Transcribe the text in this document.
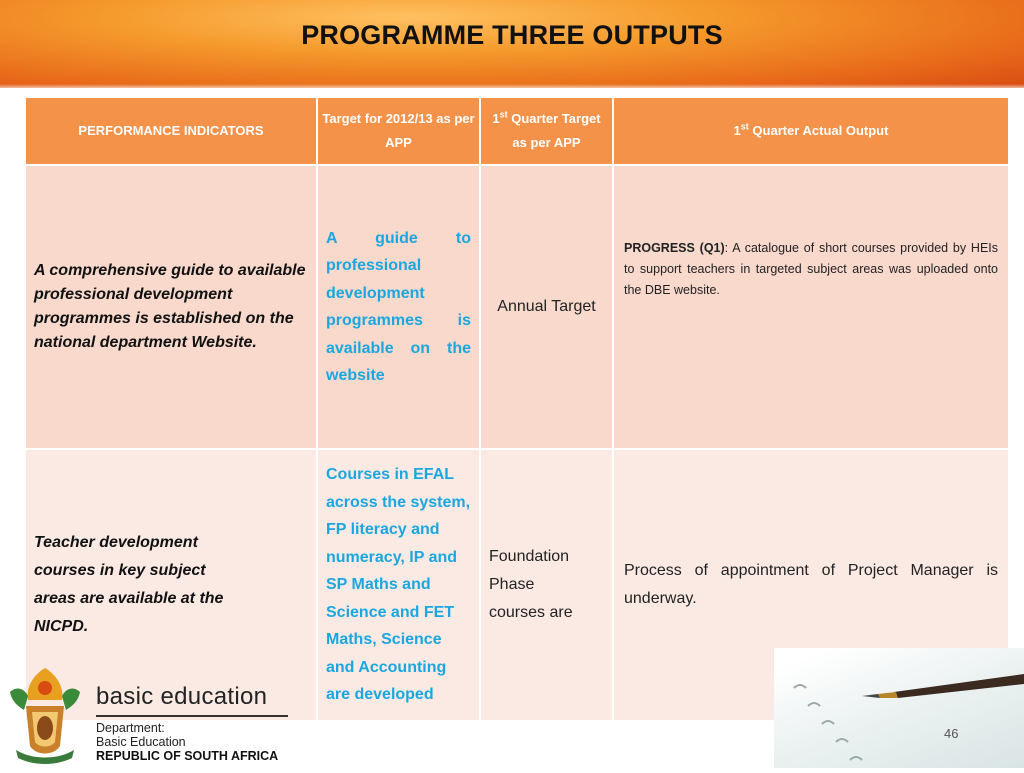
PROGRAMME THREE OUTPUTS
PERFORMANCE INDICATORS	Target for 2012/13 as per APP	1st Quarter Target as per APP	1st Quarter Actual Output
A comprehensive guide to available professional development programmes is established on the national department Website.	A guide to professional development programmes is available on the website	Annual Target	PROGRESS (Q1): A catalogue of short courses provided by HEIs to support teachers in targeted subject areas was uploaded onto the DBE website.
Teacher development courses in key subject areas are available at the NICPD.	Courses in EFAL across the system, FP literacy and numeracy, IP and SP Maths and Science and FET Maths, Science and Accounting are developed	Foundation Phase courses are	Process of appointment of Project Manager is underway.
basic education
Department:
Basic Education
REPUBLIC OF SOUTH AFRICA
46
